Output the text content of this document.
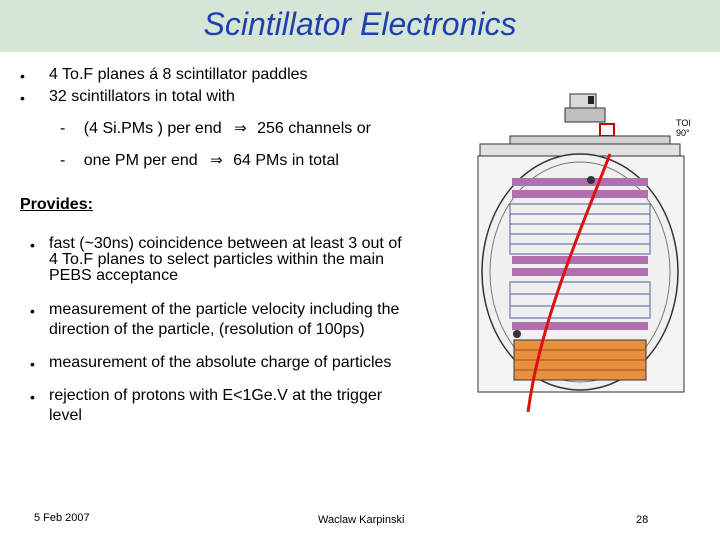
Scintillator Electronics
• 4 To.F planes á 8 scintillator paddles
• 32 scintillators in total with
- (4 Si.PMs ) per end ⇒ 256 channels or
- one PM per end ⇒ 64 PMs in total
Provides:
• fast (~30ns) coincidence between at least 3 out of
4 To.F planes to select particles within the main
PEBS acceptance
• measurement of the particle velocity including the
direction of the particle, (resolution of 100ps)
• measurement of the absolute charge of particles
• rejection of protons with E<1Ge.V at the trigger
level
TOI
90°
5 Feb 2007	Waclaw Karpinski	28
